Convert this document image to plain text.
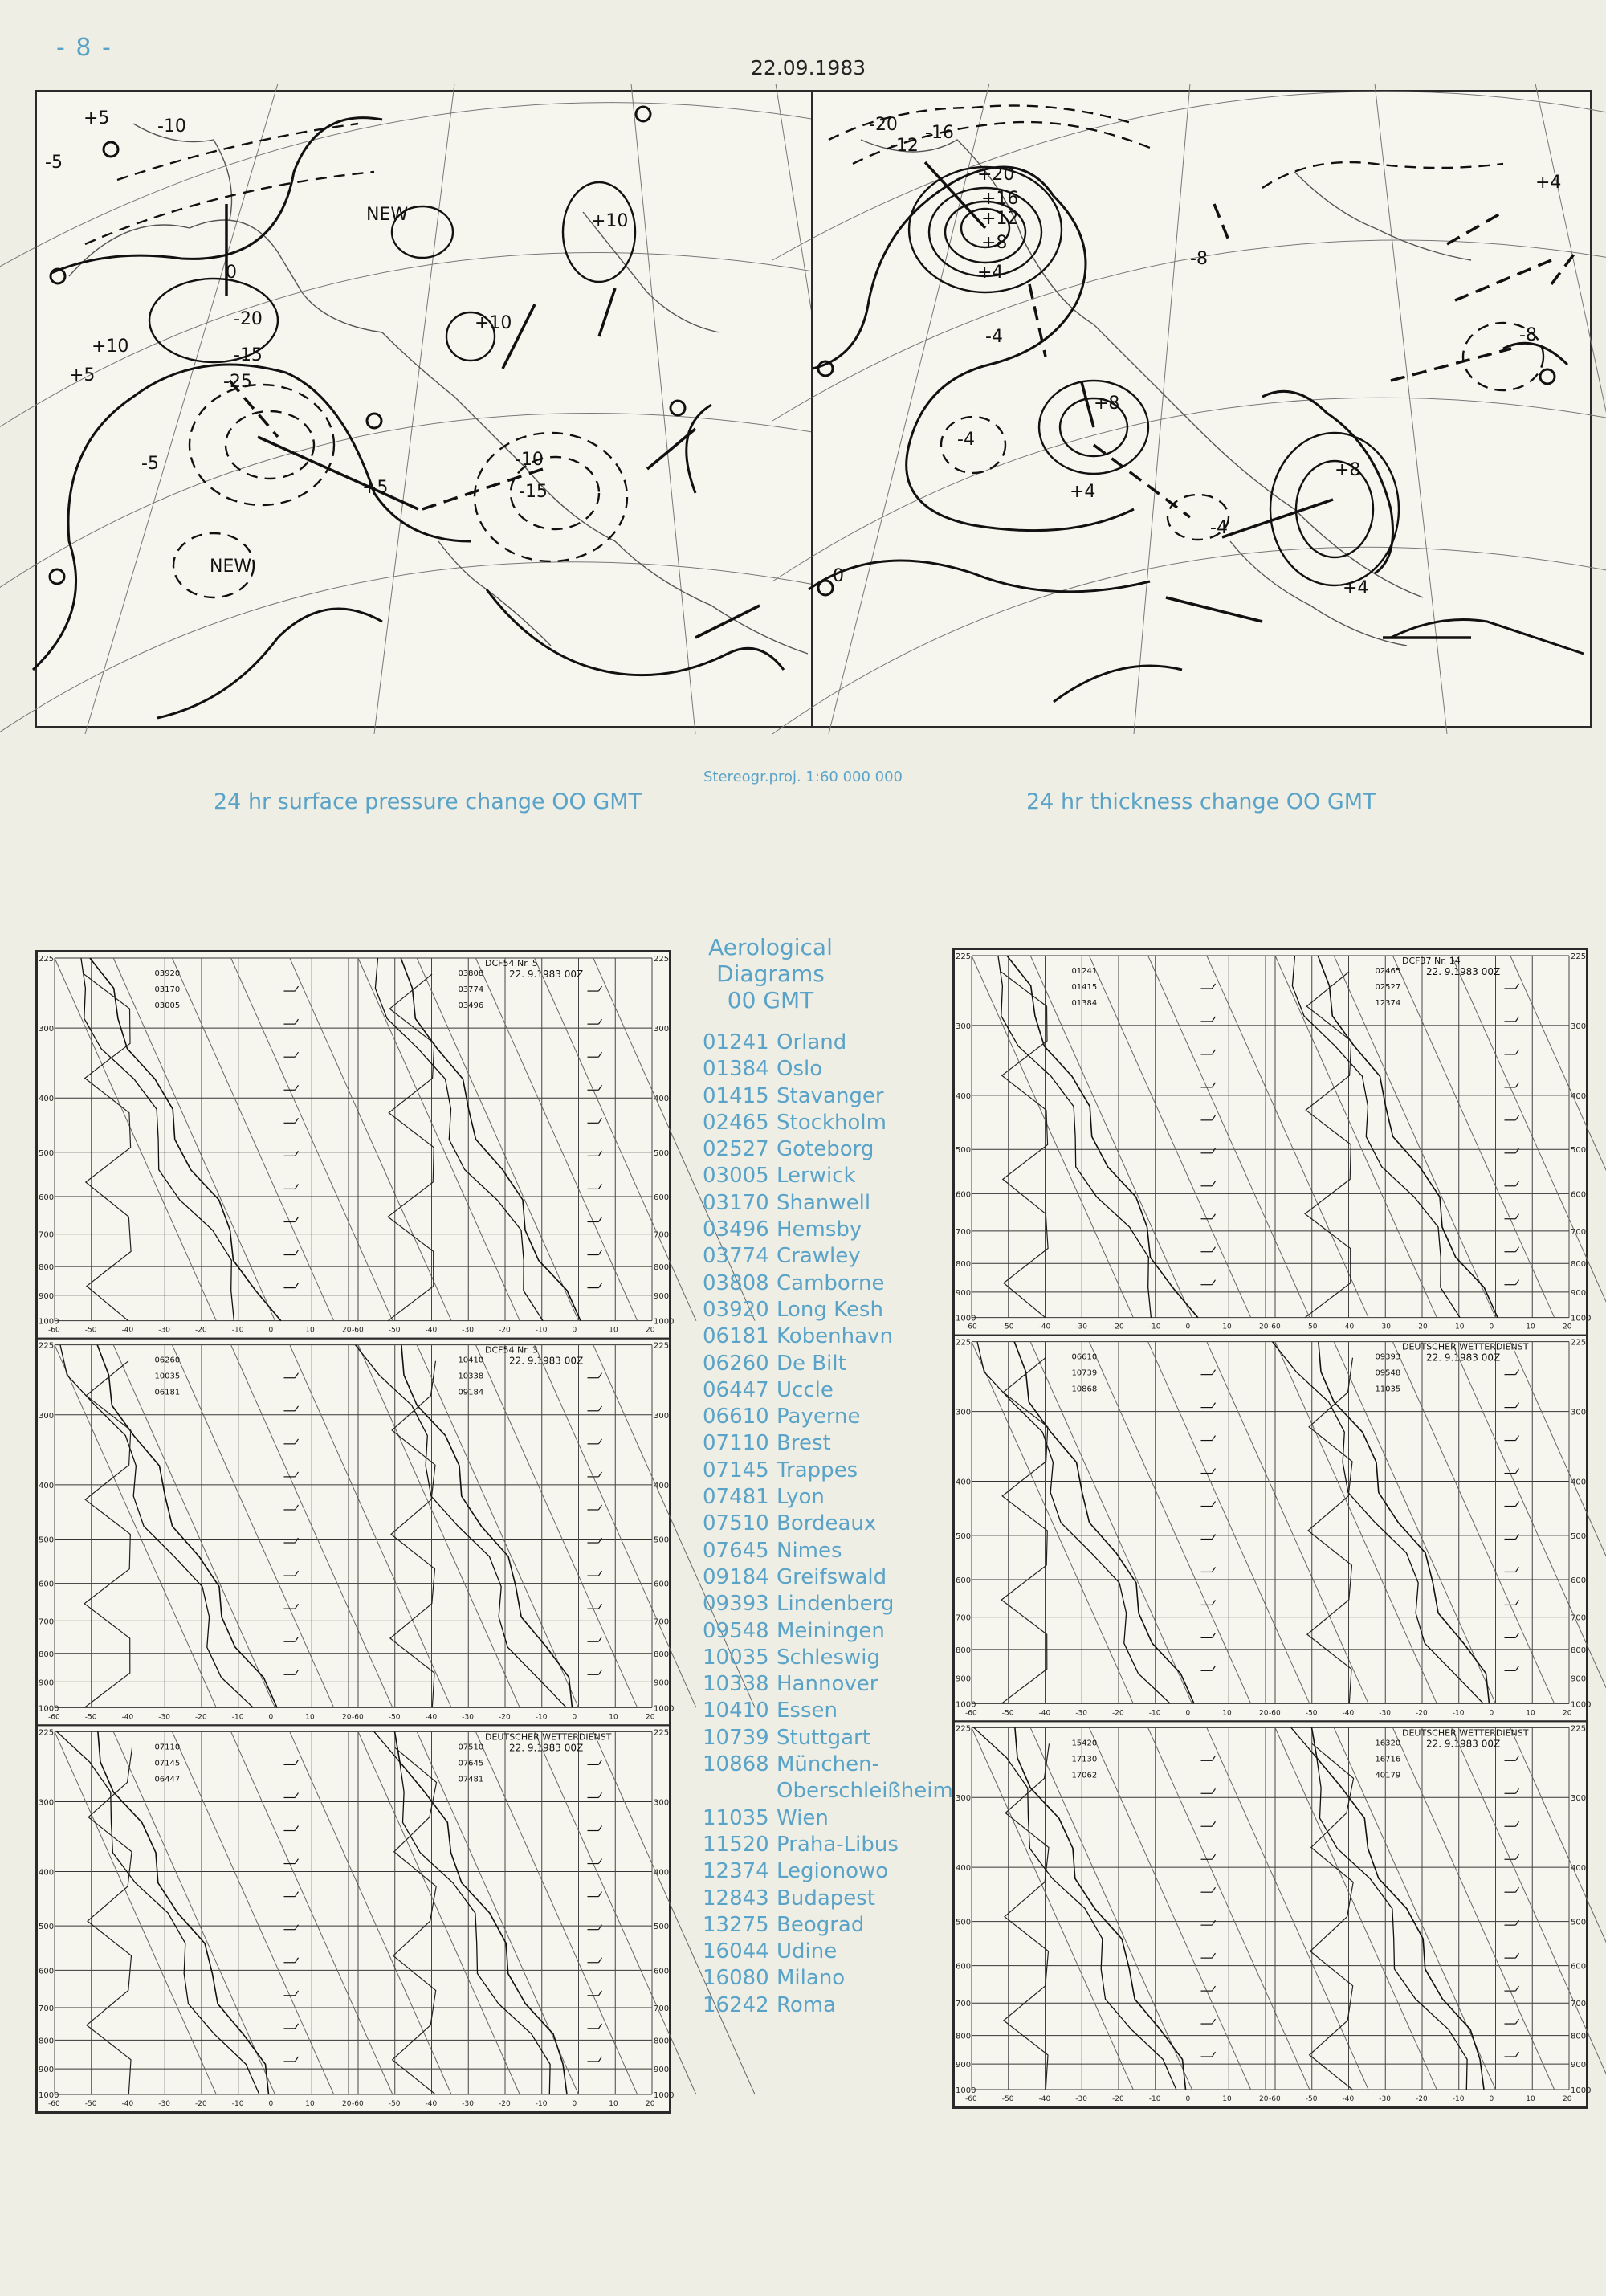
- 8 -
22.09.1983
+5
-5
-10
-15
-20
-25
+10
NEW
NEW
+5
-5	-10
-15
+10
+5
+10
0
-20 -16
-12
-8
+4
+8
+12
+16
+20
-4
+8
+4
-4
-8
+8
+4
-4
+4
0
Stereogr.proj. 1:60 000 000
24 hr surface pressure change OO GMT	24 hr thickness change OO GMT
225	225
300	300
400	400
500	500
600	600
700	700
800	800
900	900
1000	1000
-60	-50	-40	-30	-20	-10	0	10	20
03920
03170
03005
-60	-50	-40	-30	-20	-10	0	10	20
03808
03774
03496
DCF54 Nr. 5
22. 9.1983 00Z
225	225
300	300
400	400
500	500
600	600
700	700
800	800
900	900
1000	1000
-60	-50	-40	-30	-20	-10	0	10	20
06260
10035
06181
-60	-50	-40	-30	-20	-10	0	10	20
10410
10338
09184
DCF54 Nr. 3
22. 9.1983 00Z
225	225
300	300
400	400
500	500
600	600
700	700
800	800
900	900
1000	1000
-60	-50	-40	-30	-20	-10	0	10	20
07110
07145
06447
-60	-50	-40	-30	-20	-10	0	10	20
07510
07645
07481
DEUTSCHER WETTERDIENST
22. 9.1983 00Z
225	225
300	300
400	400
500	500
600	600
700	700
800	800
900	900
1000	1000
-60	-50	-40	-30	-20	-10	0	10	20
01241
01415
01384
-60	-50	-40	-30	-20	-10	0	10	20
02465
02527
12374
DCF37 Nr. 14
22. 9.1983 00Z
225	225
300	300
400	400
500	500
600	600
700	700
800	800
900	900
1000	1000
-60	-50	-40	-30	-20	-10	0	10	20
06610
10739
10868
-60	-50	-40	-30	-20	-10	0	10	20
09393
09548
11035
DEUTSCHER WETTERDIENST
22. 9.1983 00Z
225	225
300	300
400	400
500	500
600	600
700	700
800	800
900	900
1000	1000
-60	-50	-40	-30	-20	-10	0	10	20
15420
17130
17062
-60	-50	-40	-30	-20	-10	0	10	20
16320
16716
40179
DEUTSCHER WETTERDIENST
22. 9.1983 00Z
Aerological
Diagrams
00 GMT
01241 Orland
01384 Oslo
01415 Stavanger
02465 Stockholm
02527 Goteborg
03005 Lerwick
03170 Shanwell
03496 Hemsby
03774 Crawley
03808 Camborne
03920 Long Kesh
06181 Kobenhavn
06260 De Bilt
06447 Uccle
06610 Payerne
07110 Brest
07145 Trappes
07481 Lyon
07510 Bordeaux
07645 Nimes
09184 Greifswald
09393 Lindenberg
09548 Meiningen
10035 Schleswig
10338 Hannover
10410 Essen
10739 Stuttgart
10868 München-
Oberschleißheim
11035 Wien
11520 Praha-Libus
12374 Legionowo
12843 Budapest
13275 Beograd
16044 Udine
16080 Milano
16242 Roma
